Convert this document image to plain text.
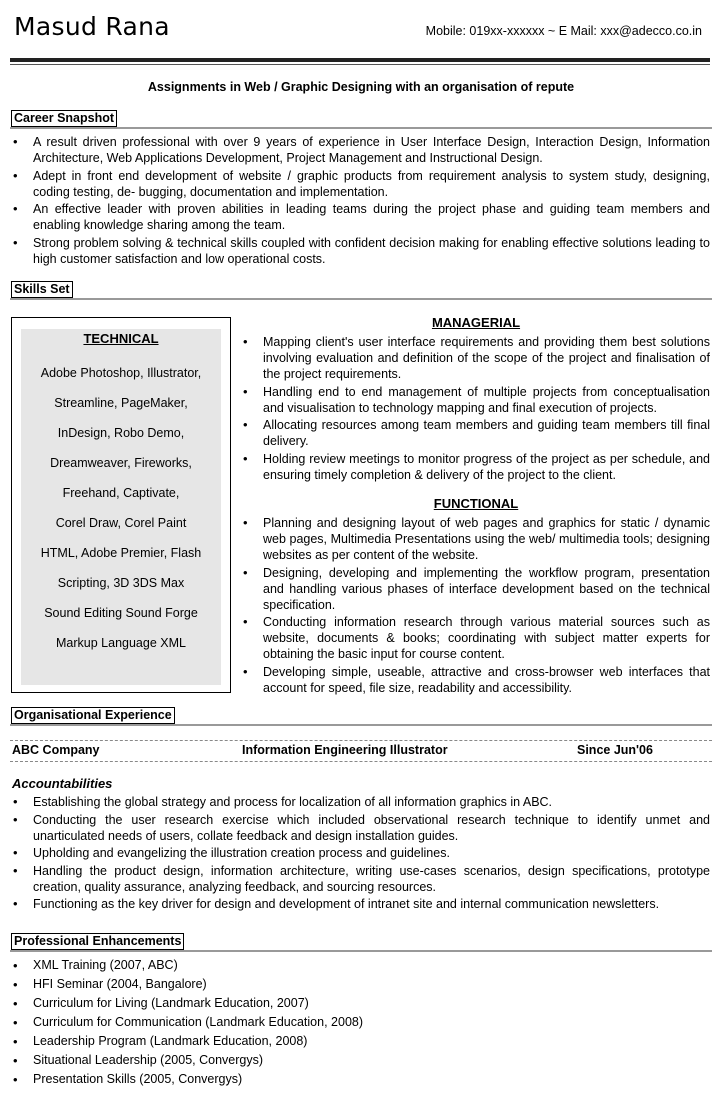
Masud Rana	Mobile: 019xx-xxxxxx ~ E Mail: xxx@adecco.co.in
Assignments in Web / Graphic Designing with an organisation of repute
Career Snapshot
• A result driven professional with over 9 years of experience in User Interface Design, Interaction Design, Information Architecture, Web Applications Development, Project Management and Instructional Design.
• Adept in front end development of website / graphic products from requirement analysis to system study, designing, coding testing, de- bugging, documentation and implementation.
• An effective leader with proven abilities in leading teams during the project phase and guiding team members and enabling knowledge sharing among the team.
• Strong problem solving & technical skills coupled with confident decision making for enabling effective solutions leading to high customer satisfaction and low operational costs.
Skills Set
TECHNICAL
Adobe Photoshop, Illustrator,
Streamline, PageMaker,
InDesign, Robo Demo,
Dreamweaver, Fireworks,
Freehand, Captivate,
Corel Draw, Corel Paint
HTML, Adobe Premier, Flash
Scripting, 3D 3DS Max
Sound Editing Sound Forge
Markup Language XML
MANAGERIAL
• Mapping client's user interface requirements and providing them best solutions involving evaluation and definition of the scope of the project and finalisation of the project requirements.
• Handling end to end management of multiple projects from conceptualisation and visualisation to technology mapping and final execution of projects.
• Allocating resources among team members and guiding team members till final delivery.
• Holding review meetings to monitor progress of the project as per schedule, and ensuring timely completion & delivery of the project to the client.
FUNCTIONAL
• Planning and designing layout of web pages and graphics for static / dynamic web pages, Multimedia Presentations using the web/ multimedia tools; designing websites as per content of the website.
• Designing, developing and implementing the workflow program, presentation and handling various phases of interface development based on the technical specification.
• Conducting information research through various material sources such as website, documents & books; coordinating with subject matter experts for obtaining the basic input for course content.
• Developing simple, useable, attractive and cross-browser web interfaces that account for speed, file size, readability and accessibility.
Organisational Experience
ABC Company	Information Engineering Illustrator	Since Jun'06
Accountabilities
• Establishing the global strategy and process for localization of all information graphics in ABC.
• Conducting the user research exercise which included observational research technique to identify unmet and unarticulated needs of users, collate feedback and design installation guides.
• Upholding and evangelizing the illustration creation process and guidelines.
• Handling the product design, information architecture, writing use-cases scenarios, design specifications, prototype creation, quality assurance, analyzing feedback, and sourcing resources.
• Functioning as the key driver for design and development of intranet site and internal communication newsletters.
Professional Enhancements
• XML Training (2007, ABC)
• HFI Seminar (2004, Bangalore)
• Curriculum for Living (Landmark Education, 2007)
• Curriculum for Communication (Landmark Education, 2008)
• Leadership Program (Landmark Education, 2008)
• Situational Leadership (2005, Convergys)
• Presentation Skills (2005, Convergys)
